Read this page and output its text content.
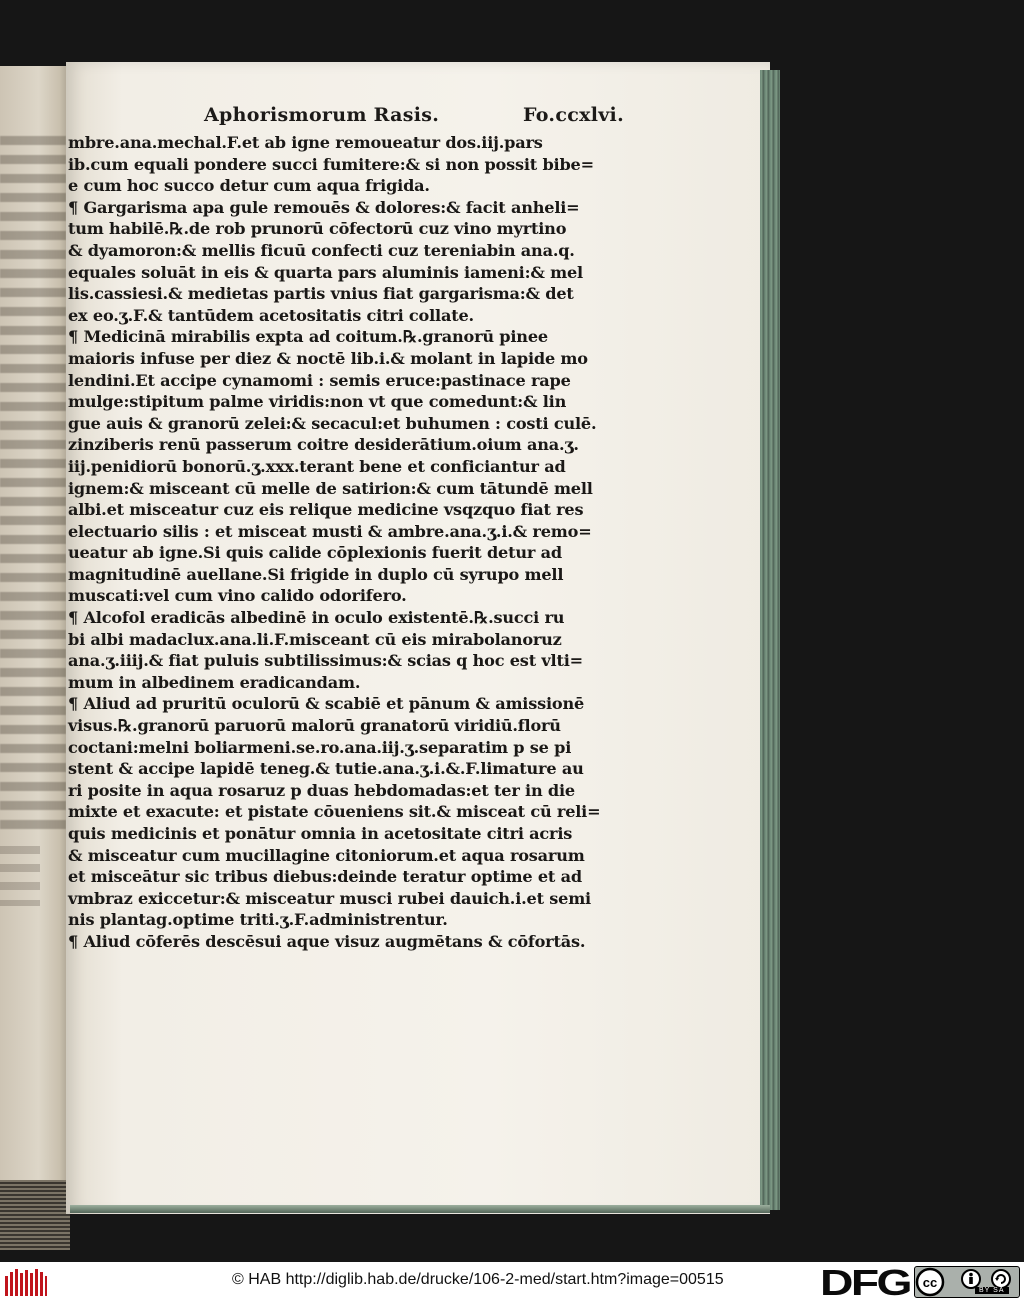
Aphorismorum Rasis.	Fo.ccxlvi.
mbre.ana.mechal.F.et ab igne remoueatur dos.iij.pars
ib.cum equali pondere succi fumitere:& si non possit bibe=
e cum hoc succo detur cum aqua frigida.
¶ Gargarisma apa gule remouēs & dolores:& facit anheli=
tum habilē.℞.de rob prunorū cōfectorū cuz vino myrtino
& dyamoron:& mellis ficuū confecti cuz tereniabin ana.q.
equales soluāt in eis & quarta pars aluminis iameni:& mel
lis.cassiesi.& medietas partis vnius fiat gargarisma:& det
ex eo.ʒ.F.& tantūdem acetositatis citri collate.
¶ Medicinā mirabilis expta ad coitum.℞.granorū pinee
maioris infuse per diez & noctē lib.i.& molant in lapide mo
lendini.Et accipe cynamomi : semis eruce:pastinace rape
mulge:stipitum palme viridis:non vt que comedunt:& lin
gue auis & granorū zelei:& secacul:et buhumen : costi culē.
zinziberis renū passerum coitre desiderātium.oium ana.ʒ.
iij.penidiorū bonorū.ʒ.xxx.terant bene et conficiantur ad
ignem:& misceant cū melle de satirion:& cum tātundē mell
albi.et misceatur cuz eis relique medicine vsqzquo fiat res
electuario silis : et misceat musti & ambre.ana.ʒ.i.& remo=
ueatur ab igne.Si quis calide cōplexionis fuerit detur ad
magnitudinē auellane.Si frigide in duplo cū syrupo mell
muscati:vel cum vino calido odorifero.
¶ Alcofol eradicās albedinē in oculo existentē.℞.succi ru
bi albi madaclux.ana.li.F.misceant cū eis mirabolanoruz
ana.ʒ.iiij.& fiat puluis subtilissimus:& scias q hoc est vlti=
mum in albedinem eradicandam.
¶ Aliud ad pruritū oculorū & scabiē et pānum & amissionē
visus.℞.granorū paruorū malorū granatorū viridiū.florū
coctani:melni boliarmeni.se.ro.ana.iij.ʒ.separatim p se pi
stent & accipe lapidē teneg.& tutie.ana.ʒ.i.&.F.limature au
ri posite in aqua rosaruz p duas hebdomadas:et ter in die
mixte et exacute: et pistate cōueniens sit.& misceat cū reli=
quis medicinis et ponātur omnia in acetositate citri acris
& misceatur cum mucillagine citoniorum.et aqua rosarum
et misceātur sic tribus diebus:deinde teratur optime et ad
vmbraz exiccetur:& misceatur musci rubei dauich.i.et semi
nis plantag.optime triti.ʒ.F.administrentur.
¶ Aliud cōferēs descēsui aque visuz augmētans & cōfortās.
© HAB http://diglib.hab.de/drucke/106-2-med/start.htm?image=00515	DFG cc
BY SA
